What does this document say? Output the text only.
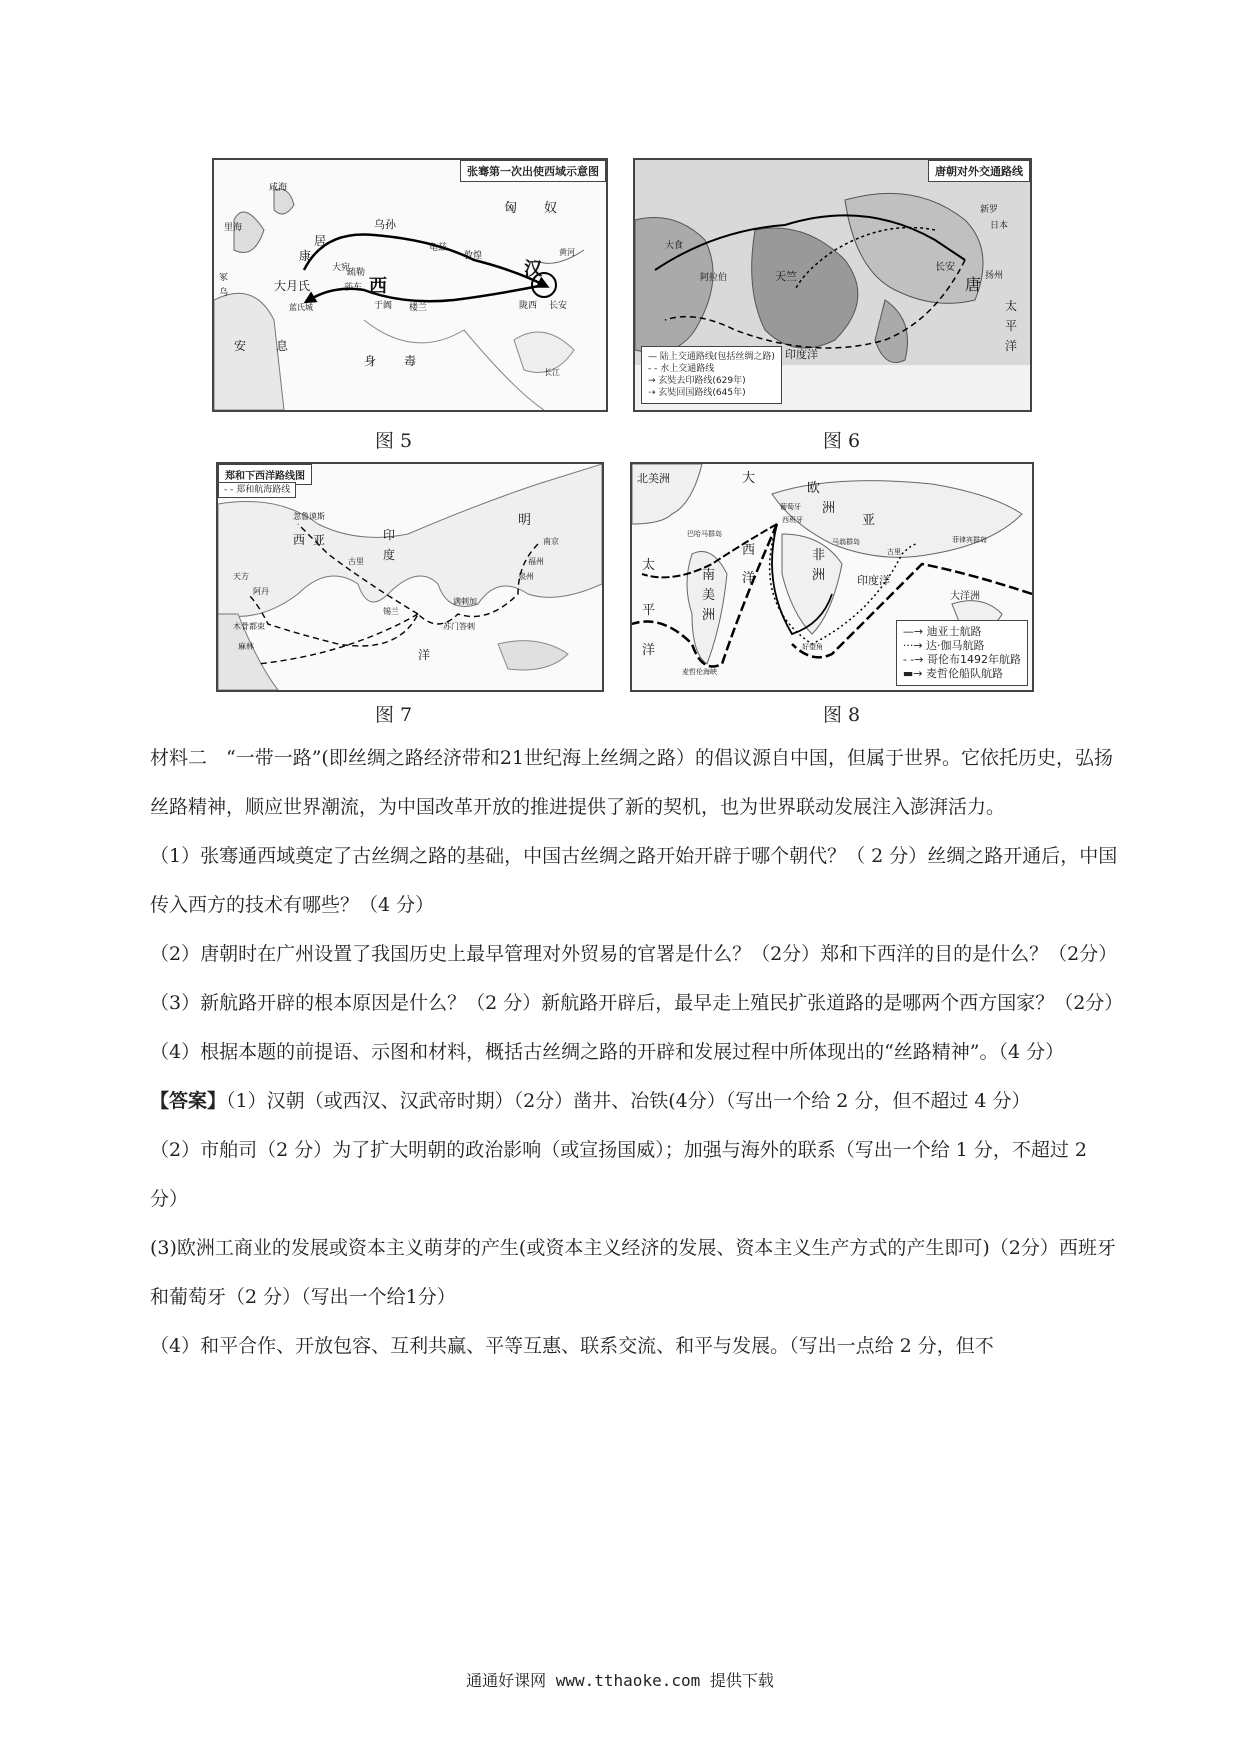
匈 奴
康
居
大宛
乌孙
龟兹
大月氏
蓝氏城
莎车
疏勒
于阗
西
敦煌
楼兰
汉
陇西 长安
安 息
身 毒
咸海
里海
黄河
长江
冢
乌
张骞第一次出使西域示意图
图 5
长安
扬州
唐
日本
新罗
太
平
洋
天竺
印度洋
阿拉伯
大食
唐朝对外交通路线
— 陆上交通路线(包括丝绸之路)
- - 水上交通路线
→ 玄奘去印路线(629年)
⇢ 玄奘回国路线(645年)
图 6
明
南京
福州
泉州
天方
忽鲁谟斯
阿丹
古里
锡兰
满剌加
苏门答剌
木骨都束
麻林
印
度
洋
西 亚
郑和下西洋路线图
- - 郑和航海路线
图 7
北美洲	大
西
洋
欧
洲
亚
非
洲
南
美
洲
太
平
洋
印度洋
大洋洲
葡萄牙
西班牙
巴哈马群岛
好望角
马翁群岛	菲律宾群岛
古里
麦哲伦海峡
—→ 迪亚士航路
···→ 达·伽马航路
- -→ 哥伦布1492年航路
▬→ 麦哲伦船队航路
图 8

材料二　“一带一路”(即丝绸之路经济带和21世纪海上丝绸之路）的倡议源自中国，但属于世界。它依托历史，弘扬丝路精神，顺应世界潮流，为中国改革开放的推进提供了新的契机，也为世界联动发展注入澎湃活力。

（1）张骞通西域奠定了古丝绸之路的基础，中国古丝绸之路开始开辟于哪个朝代？（ 2 分）丝绸之路开通后，中国传入西方的技术有哪些？（4 分）

（2）唐朝时在广州设置了我国历史上最早管理对外贸易的官署是什么？（2分）郑和下西洋的目的是什么？（2分）

（3）新航路开辟的根本原因是什么？（2 分）新航路开辟后，最早走上殖民扩张道路的是哪两个西方国家？（2分）

（4）根据本题的前提语、示图和材料，概括古丝绸之路的开辟和发展过程中所体现出的“丝路精神”。（4 分）

【答案】（1）汉朝（或西汉、汉武帝时期）（2分）凿井、冶铁(4分）（写出一个给 2 分，但不超过 4 分）

（2）市舶司（2 分）为了扩大明朝的政治影响（或宣扬国威）；加强与海外的联系（写出一个给 1 分，不超过 2 分）

(3)欧洲工商业的发展或资本主义萌芽的产生(或资本主义经济的发展、资本主义生产方式的产生即可)（2分）西班牙和葡萄牙（2 分）（写出一个给1分）

（4）和平合作、开放包容、互利共赢、平等互惠、联系交流、和平与发展。（写出一点给 2 分，但不

通通好课网 www.tthaoke.com 提供下载
